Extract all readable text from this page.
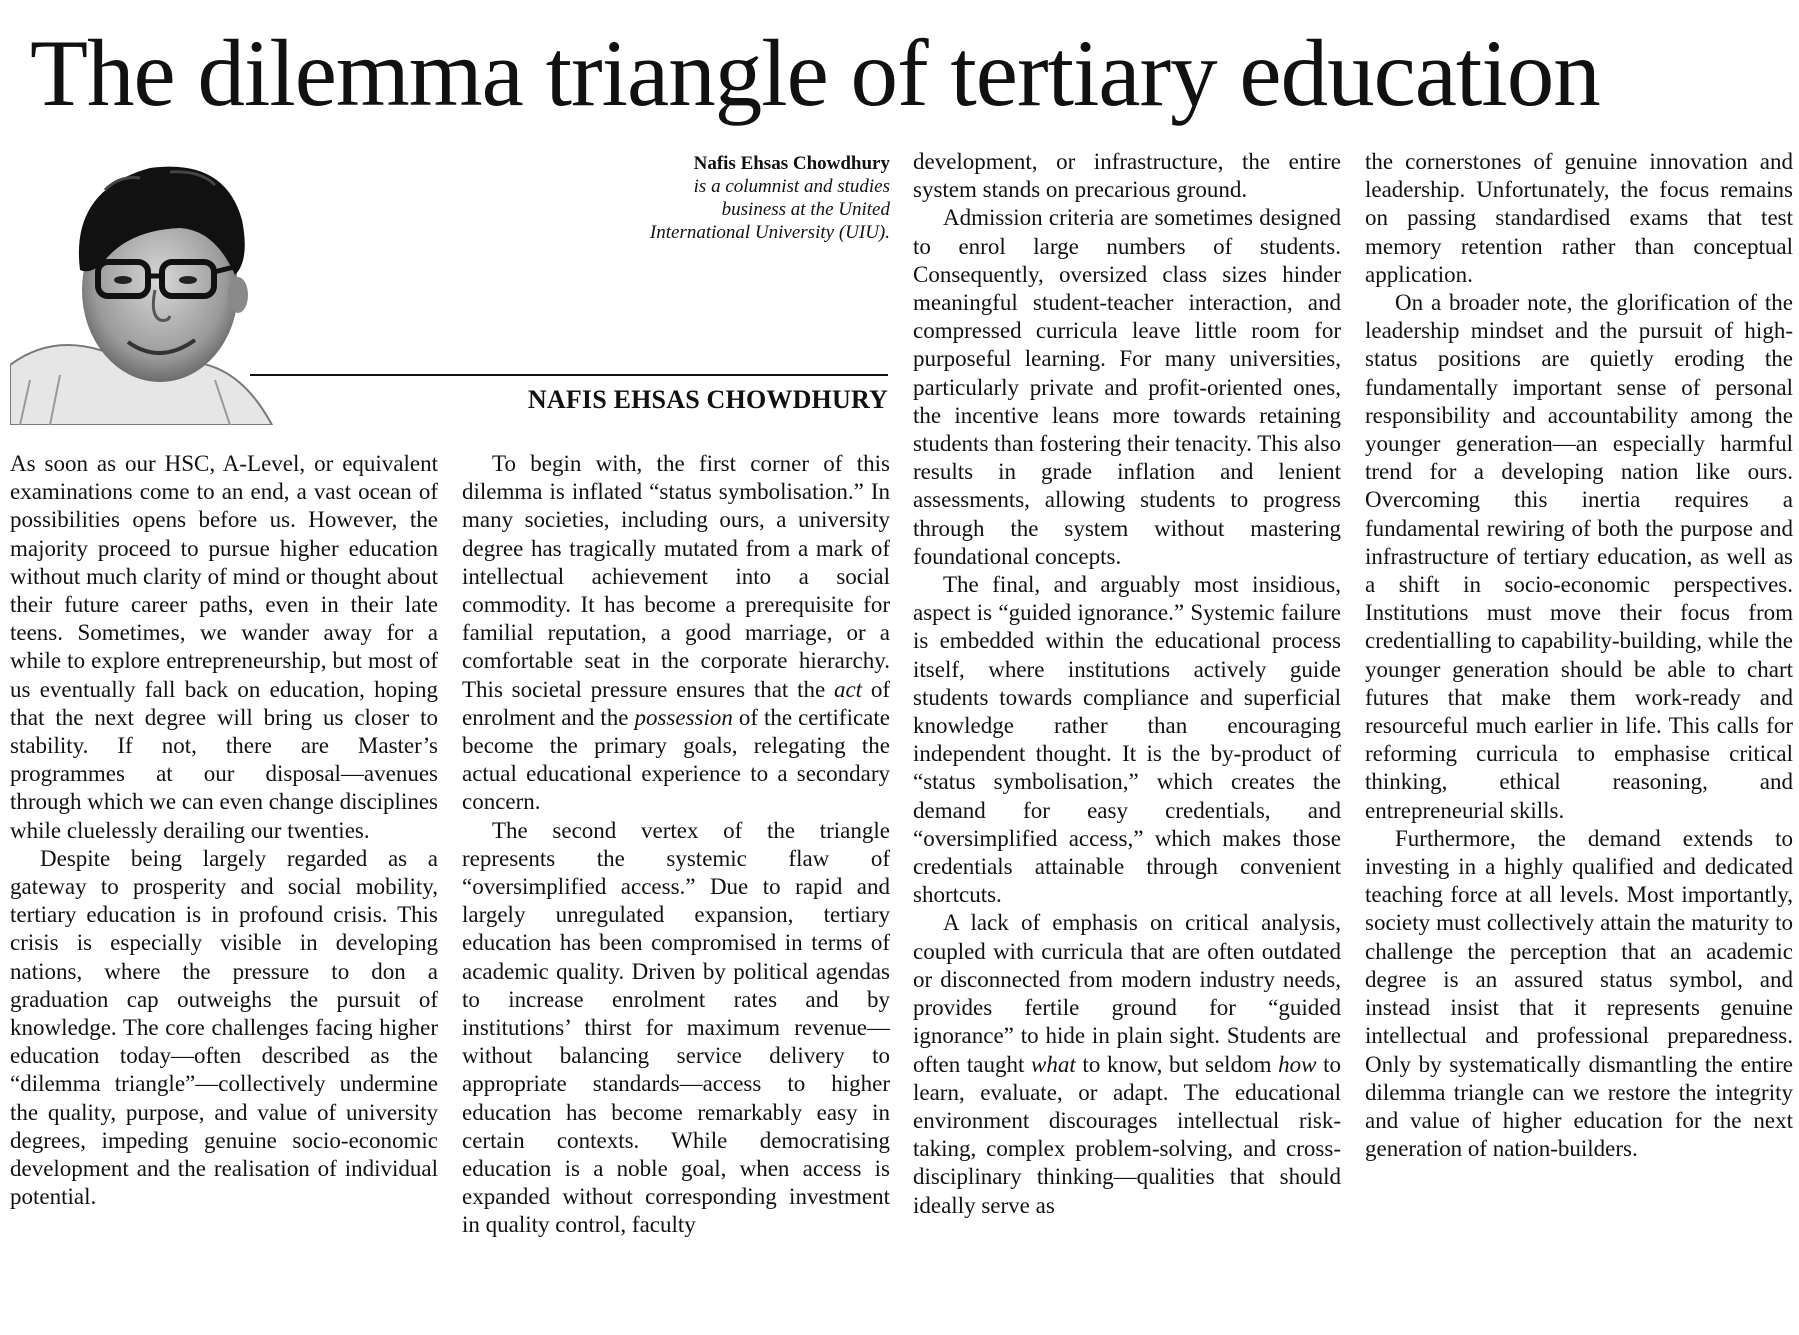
The dilemma triangle of tertiary education
Nafis Ehsas Chowdhury
is a columnist and studies
business at the United
International University (UIU).
NAFIS EHSAS CHOWDHURY

As soon as our HSC, A-Level, or equivalent examinations come to an end, a vast ocean of possibilities opens before us. However, the majority proceed to pursue higher education without much clarity of mind or thought about their future career paths, even in their late teens. Sometimes, we wander away for a while to explore entrepreneurship, but most of us eventually fall back on education, hoping that the next degree will bring us closer to stability. If not, there are Master’s programmes at our disposal—avenues through which we can even change disciplines while cluelessly derailing our twenties.

Despite being largely regarded as a gateway to prosperity and social mobility, tertiary education is in profound crisis. This crisis is especially visible in developing nations, where the pressure to don a graduation cap outweighs the pursuit of knowledge. The core challenges facing higher education today—often described as the “dilemma triangle”—collectively undermine the quality, purpose, and value of university degrees, impeding genuine socio-economic development and the realisation of individual potential.

To begin with, the first corner of this dilemma is inflated “status symbolisation.” In many societies, including ours, a university degree has tragically mutated from a mark of intellectual achievement into a social commodity. It has become a prerequisite for familial reputation, a good marriage, or a comfortable seat in the corporate hierarchy. This societal pressure ensures that the act of enrolment and the possession of the certificate become the primary goals, relegating the actual educational experience to a secondary concern.

The second vertex of the triangle represents the systemic flaw of “oversimplified access.” Due to rapid and largely unregulated expansion, tertiary education has been compromised in terms of academic quality. Driven by political agendas to increase enrolment rates and by institutions’ thirst for maximum revenue—without balancing service delivery to appropriate standards—access to higher education has become remarkably easy in certain contexts. While democratising education is a noble goal, when access is expanded without corresponding investment in quality control, faculty

development, or infrastructure, the entire system stands on precarious ground.

Admission criteria are sometimes designed to enrol large numbers of students. Consequently, oversized class sizes hinder meaningful student-teacher interaction, and compressed curricula leave little room for purposeful learning. For many universities, particularly private and profit-oriented ones, the incentive leans more towards retaining students than fostering their tenacity. This also results in grade inflation and lenient assessments, allowing students to progress through the system without mastering foundational concepts.

The final, and arguably most insidious, aspect is “guided ignorance.” Systemic failure is embedded within the educational process itself, where institutions actively guide students towards compliance and superficial knowledge rather than encouraging independent thought. It is the by-product of “status symbolisation,” which creates the demand for easy credentials, and “oversimplified access,” which makes those credentials attainable through convenient shortcuts.

A lack of emphasis on critical analysis, coupled with curricula that are often outdated or disconnected from modern industry needs, provides fertile ground for “guided ignorance” to hide in plain sight. Students are often taught what to know, but seldom how to learn, evaluate, or adapt. The educational environment discourages intellectual risk-taking, complex problem-solving, and cross-disciplinary thinking—qualities that should ideally serve as

the cornerstones of genuine innovation and leadership. Unfortunately, the focus remains on passing standardised exams that test memory retention rather than conceptual application.

On a broader note, the glorification of the leadership mindset and the pursuit of high-status positions are quietly eroding the fundamentally important sense of personal responsibility and accountability among the younger generation—an especially harmful trend for a developing nation like ours. Overcoming this inertia requires a fundamental rewiring of both the purpose and infrastructure of tertiary education, as well as a shift in socio-economic perspectives. Institutions must move their focus from credentialling to capability-building, while the younger generation should be able to chart futures that make them work-ready and resourceful much earlier in life. This calls for reforming curricula to emphasise critical thinking, ethical reasoning, and entrepreneurial skills.

Furthermore, the demand extends to investing in a highly qualified and dedicated teaching force at all levels. Most importantly, society must collectively attain the maturity to challenge the perception that an academic degree is an assured status symbol, and instead insist that it represents genuine intellectual and professional preparedness. Only by systematically dismantling the entire dilemma triangle can we restore the integrity and value of higher education for the next generation of nation-builders.
